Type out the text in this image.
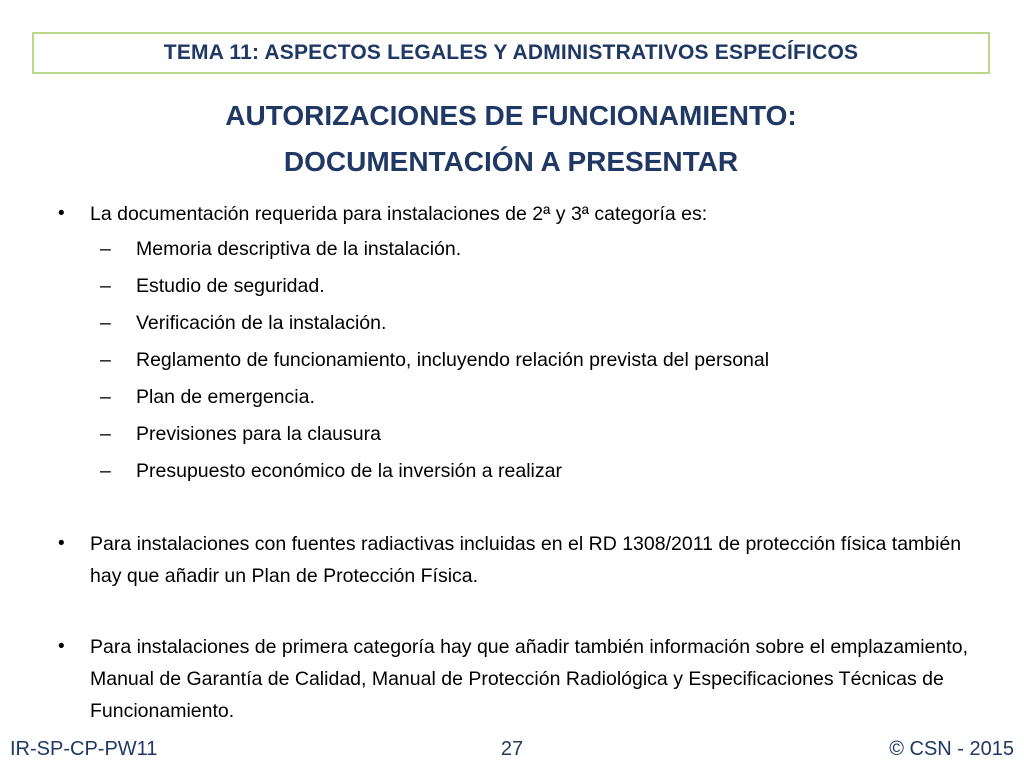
TEMA 11: ASPECTOS LEGALES Y ADMINISTRATIVOS ESPECÍFICOS
AUTORIZACIONES DE FUNCIONAMIENTO:
DOCUMENTACIÓN A PRESENTAR
• La documentación requerida para instalaciones de 2ª y 3ª categoría es:
– Memoria descriptiva de la instalación.
– Estudio de seguridad.
– Verificación de la instalación.
– Reglamento de funcionamiento, incluyendo relación prevista del personal
– Plan de emergencia.
– Previsiones para la clausura
– Presupuesto económico de la inversión a realizar
• Para instalaciones con fuentes radiactivas incluidas en el RD 1308/2011 de protección física también hay que añadir un Plan de Protección Física.
• Para instalaciones de primera categoría hay que añadir también información sobre el emplazamiento, Manual de Garantía de Calidad, Manual de Protección Radiológica y Especificaciones Técnicas de Funcionamiento.
IR-SP-CP-PW11	27	© CSN - 2015
